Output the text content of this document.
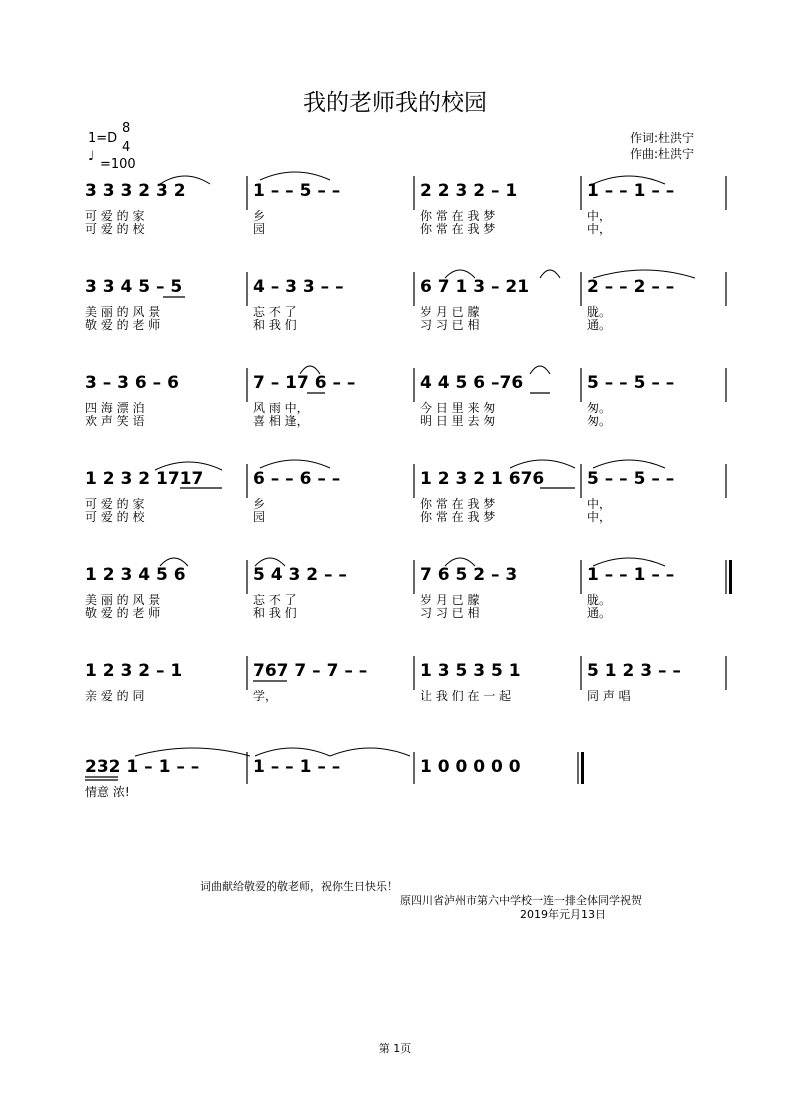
我的老师我的校园
1=D
8
4
♩
=100
作词:杜洪宁
作曲:杜洪宁
3 3 3 2 3 2	1 – – 5 – –	2 2 3 2 – 1	1 – – 1 – –
可 爱 的 家	乡	你 常 在 我 梦	中，
可 爱 的 校	园	你 常 在 我 梦	中，
3 3 4 5 – 5	4 – 3 3 – –	6 7 1 3 – 21	2 – – 2 – –
美 丽 的 风 景	忘 不 了	岁 月 已 朦	胧。
敬 爱 的 老 师	和 我 们	习 习 已 相	通。
3 – 3 6 – 6	7 – 17 6 – –	4 4 5 6 –76	5 – – 5 – –
四 海 漂 泊	风 雨 中，	今 日 里 来 匆	匆。
欢 声 笑 语	喜 相 逢，	明 日 里 去 匆	匆。
1 2 3 2 1717	6 – – 6 – –	1 2 3 2 1 676	5 – – 5 – –
可 爱 的 家	乡	你 常 在 我 梦	中，
可 爱 的 校	园	你 常 在 我 梦	中，
1 2 3 4 5 6	5 4 3 2 – –	7 6 5 2 – 3	1 – – 1 – –
美 丽 的 风 景	忘 不 了	岁 月 已 朦	胧。
敬 爱 的 老 师	和 我 们	习 习 已 相	通。
1 2 3 2 – 1	767 7 – 7 – –	1 3 5 3 5 1	5 1 2 3 – –
亲 爱 的 同	学，	让 我 们 在 一 起	同 声 唱
232 1 – 1 – –	1 – – 1 – –	1 0 0 0 0 0
情意 浓!
词曲献给敬爱的敬老师，祝你生日快乐！
原四川省泸州市第六中学校一连一排全体同学祝贺
2019年元月13日
第 1页
